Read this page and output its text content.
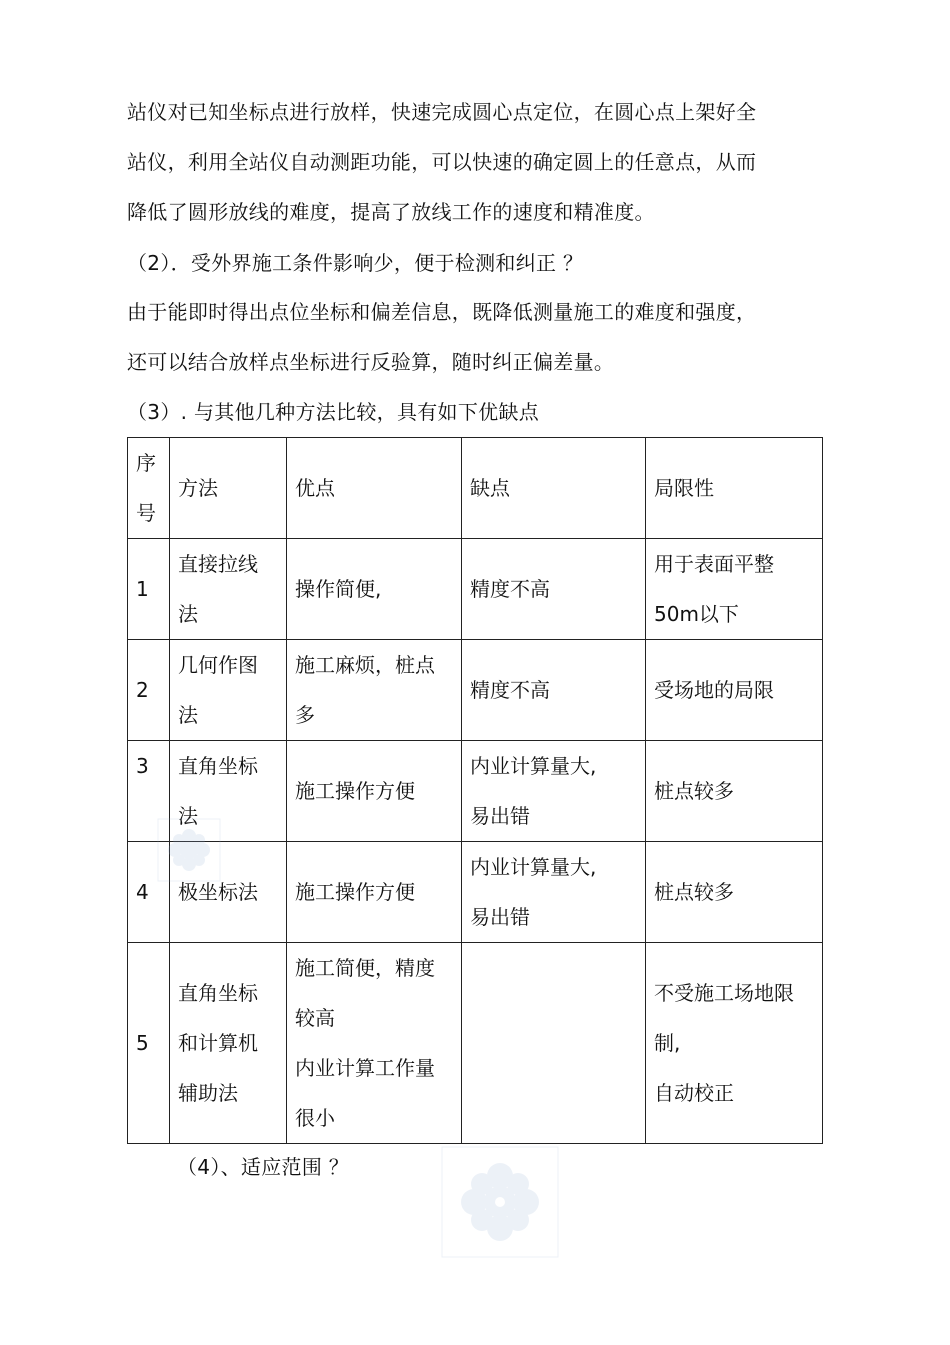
站仪对已知坐标点进行放样，快速完成圆心点定位，在圆心点上架好全
站仪，利用全站仪自动测距功能，可以快速的确定圆上的任意点，从而
降低了圆形放线的难度，提高了放线工作的速度和精准度。
（2）．受外界施工条件影响少，便于检测和纠正 ？
由于能即时得出点位坐标和偏差信息，既降低测量施工的难度和强度，
还可以结合放样点坐标进行反验算，随时纠正偏差量。
（3）. 与其他几种方法比较，具有如下优缺点
序
号	方法	优点	缺点	局限性
1	直接拉线
法	操作简便,	精度不高	用于表面平整
50m以下

2	几何作图
法	施工麻烦，桩点
多	精度不高	受场地的局限
3	直角坐标
法	施工操作方便	内业计算量大,
易出错	桩点较多
4	极坐标法	施工操作方便	内业计算量大,
易出错	桩点较多
5	直角坐标
和计算机
辅助法	施工简便，精度
较高
内业计算工作量
很小		不受施工场地限
制,
自动校正
（4）、适应范围 ？
